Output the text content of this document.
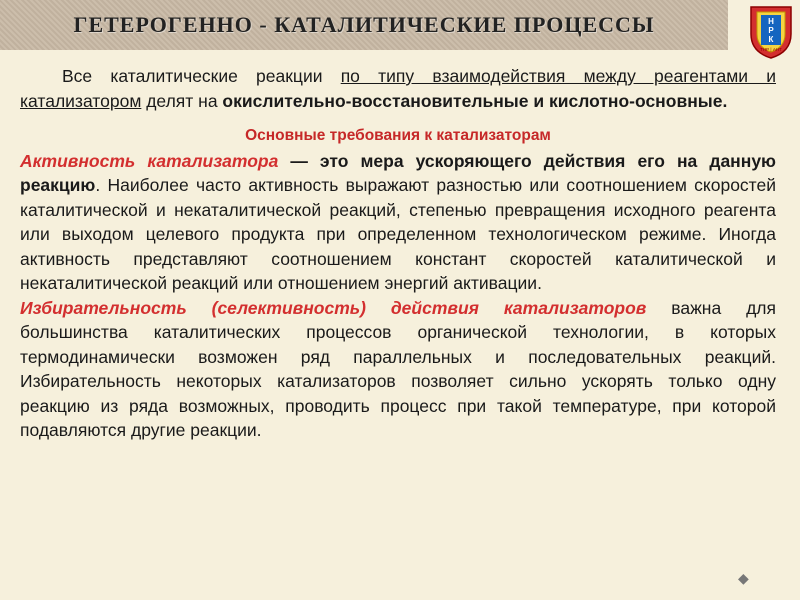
ГЕТЕРОГЕННО - КАТАЛИТИЧЕСКИЕ ПРОЦЕССЫ	Н
Р
К
ТНР | АНТ

Все каталитические реакции по типу взаимодействия между реагентами и катализатором делят на окислительно-восстановительные и кислотно-основные.

Основные требования к катализаторам

Активность катализатора — это мера ускоряющего действия его на данную реакцию. Наиболее часто активность выражают разностью или соотношением скоростей каталитической и некаталитической реакций, степенью превращения исходного реагента или выходом целевого продукта при определенном технологическом режиме. Иногда активность представляют соотношением констант скоростей каталитической и некаталитической реакций или отношением энергий активации.

Избирательность (селективность) действия катализаторов важна для большинства каталитических процессов органической технологии, в которых термодинамически возможен ряд параллельных и последовательных реакций. Избирательность некоторых катализаторов позволяет сильно ускорять только одну реакцию из ряда возможных, проводить процесс при такой температуре, при которой подавляются другие реакции.

◆
